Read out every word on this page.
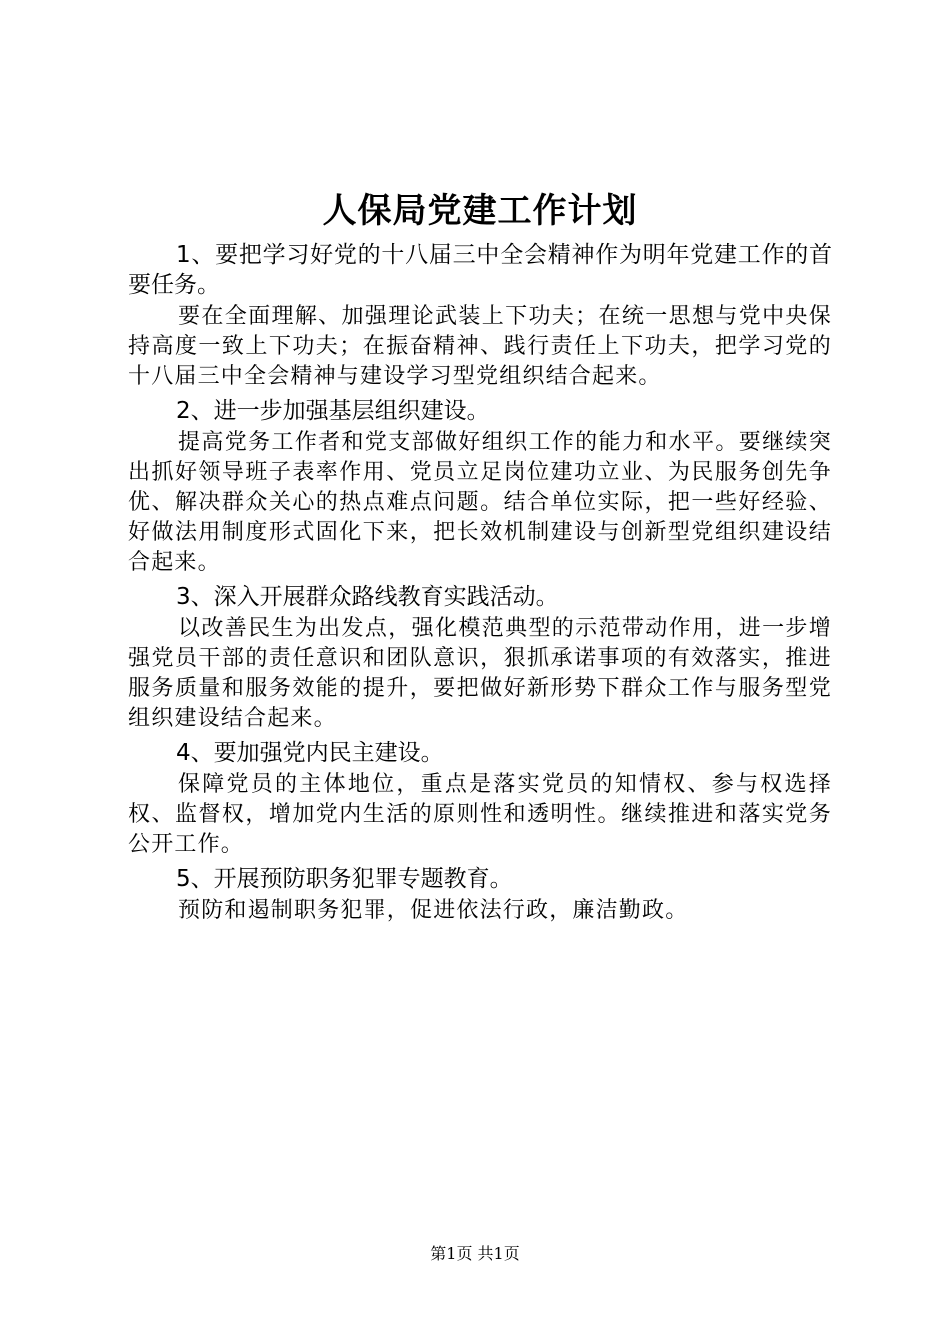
人保局党建工作计划

1、要把学习好党的十八届三中全会精神作为明年党建工作的首要任务。

要在全面理解、加强理论武装上下功夫；在统一思想与党中央保持高度一致上下功夫；在振奋精神、践行责任上下功夫，把学习党的十八届三中全会精神与建设学习型党组织结合起来。

2、进一步加强基层组织建设。

提高党务工作者和党支部做好组织工作的能力和水平。要继续突出抓好领导班子表率作用、党员立足岗位建功立业、为民服务创先争优、解决群众关心的热点难点问题。结合单位实际，把一些好经验、好做法用制度形式固化下来，把长效机制建设与创新型党组织建设结合起来。

3、深入开展群众路线教育实践活动。

以改善民生为出发点，强化模范典型的示范带动作用，进一步增强党员干部的责任意识和团队意识，狠抓承诺事项的有效落实，推进服务质量和服务效能的提升，要把做好新形势下群众工作与服务型党组织建设结合起来。

4、要加强党内民主建设。

保障党员的主体地位，重点是落实党员的知情权、参与权选择权、监督权，增加党内生活的原则性和透明性。继续推进和落实党务公开工作。

5、开展预防职务犯罪专题教育。

预防和遏制职务犯罪，促进依法行政，廉洁勤政。

第1页 共1页
